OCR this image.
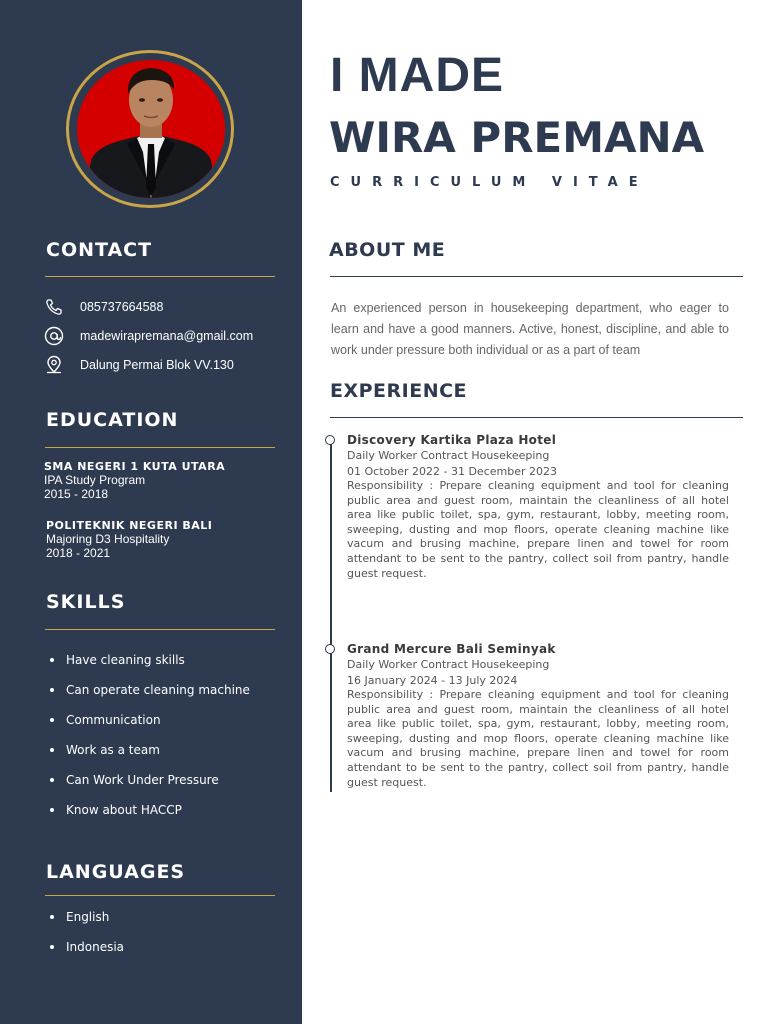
CONTACT
085737664588
madewirapremana@gmail.com
Dalung Permai Blok VV.130
EDUCATION
SMA NEGERI 1 KUTA UTARA
IPA Study Program
2015 - 2018
POLITEKNIK NEGERI BALI
Majoring D3 Hospitality
2018 - 2021
SKILLS
Have cleaning skills
Can operate cleaning machine
Communication
Work as a team
Can Work Under Pressure
Know about HACCP
LANGUAGES
English
Indonesia
I MADE
WIRA PREMANA
CURRICULUM VITAE
ABOUT ME

An experienced person in housekeeping department, who eager to learn and have a good manners. Active, honest, discipline, and able to work under pressure both individual or as a part of team

EXPERIENCE
Discovery Kartika Plaza Hotel
Daily Worker Contract Housekeeping
01 October 2022 - 31 December 2023
Responsibility : Prepare cleaning equipment and tool for cleaning public area and guest room, maintain the cleanliness of all hotel area like public toilet, spa, gym, restaurant, lobby, meeting room, sweeping, dusting and mop floors, operate cleaning machine like vacum and brusing machine, prepare linen and towel for room attendant to be sent to the pantry, collect soil from pantry, handle guest request.
Grand Mercure Bali Seminyak
Daily Worker Contract Housekeeping
16 January 2024 - 13 July 2024
Responsibility : Prepare cleaning equipment and tool for cleaning public area and guest room, maintain the cleanliness of all hotel area like public toilet, spa, gym, restaurant, lobby, meeting room, sweeping, dusting and mop floors, operate cleaning machine like vacum and brusing machine, prepare linen and towel for room attendant to be sent to the pantry, collect soil from pantry, handle guest request.
